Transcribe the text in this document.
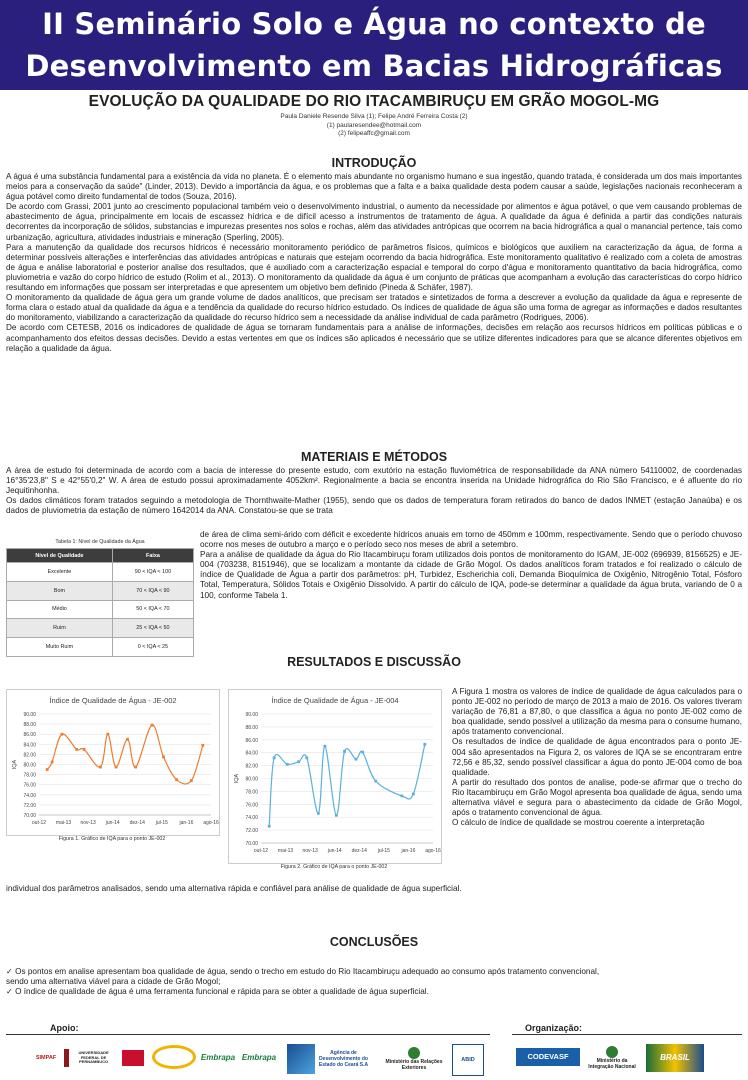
II Seminário Solo e Água no contexto de
Desenvolvimento em Bacias Hidrográficas
EVOLUÇÃO DA QUALIDADE DO RIO ITACAMBIRUÇU EM GRÃO MOGOL-MG
Paula Daniele Resende Silva (1); Felipe André Ferreira Costa (2)
(1) paularesendee@hotmail.com
(2) felipeaffc@gmail.com
INTRODUÇÃO

A água é uma substância fundamental para a existência da vida no planeta. É o elemento mais abundante no organismo humano e sua ingestão, quando tratada, é considerada um dos mais importantes meios para a conservação da saúde" (Linder, 2013). Devido a importância da água, e os problemas que a falta e a baixa qualidade desta podem causar a saúde, legislações nacionais reconheceram a água potável como direito fundamental de todos (Souza, 2016).

De acordo com Grassi, 2001 junto ao crescimento populacional também veio o desenvolvimento industrial, o aumento da necessidade por alimentos e água potável, o que vem causando problemas de abastecimento de água, principalmente em locais de escassez hídrica e de difícil acesso a instrumentos de tratamento de água. A qualidade da água é definida a partir das condições naturais decorrentes da incorporação de sólidos, substancias e impurezas presentes nos solos e rochas, além das atividades antrópicas que ocorrem na bacia hidrográfica a qual o manancial pertence, tais como urbanização, agricultura, atividades industriais e mineração (Sperling, 2005).

Para a manutenção da qualidade dos recursos hídricos é necessário monitoramento periódico de parâmetros físicos, químicos e biológicos que auxiliem na caracterização da água, de forma a determinar possíveis alterações e interferências das atividades antrópicas e naturais que estejam ocorrendo da bacia hidrográfica. Este monitoramento qualitativo é realizado com a coleta de amostras de água e análise laboratorial e posterior analise dos resultados, que é auxiliado com a caracterização espacial e temporal do corpo d'água e monitoramento quantitativo da bacia hidrográfica, como pluviometria e vazão do corpo hídrico de estudo (Rolim et al., 2013). O monitoramento da qualidade da água é um conjunto de práticas que acompanham a evolução das características do corpo hídrico resultando em informações que possam ser interpretadas e que apresentem um objetivo bem definido (Pineda & Schäfer, 1987).

O monitoramento da qualidade de água gera um grande volume de dados analíticos, que precisam ser tratados e sintetizados de forma a descrever a evolução da qualidade da água e represente de forma clara o estado atual da qualidade da água e a tendência da qualidade do recurso hídrico estudado. Os índices de qualidade de água são uma forma de agregar as informações e dados resultantes do monitoramento, viabilizando a caracterização da qualidade do recurso hídrico sem a necessidade da análise individual de cada parâmetro (Rodrigues, 2006).

De acordo com CETESB, 2016 os indicadores de qualidade de água se tornaram fundamentais para a análise de informações, decisões em relação aos recursos hídricos em políticas públicas e o acompanhamento dos efeitos dessas decisões. Devido a estas vertentes em que os índices são aplicados é necessário que se utilize diferentes indicadores para que se alcance diferentes objetivos em relação a qualidade da água.

MATERIAIS E MÉTODOS

A área de estudo foi determinada de acordo com a bacia de interesse do presente estudo, com exutório na estação fluviométrica de responsabilidade da ANA número 54110002, de coordenadas 16°35'23,8" S e 42°55'0,2" W. A área de estudo possui aproximadamente 4052km². Regionalmente a bacia se encontra inserida na Unidade hidrográfica do Rio São Francisco, e é afluente do rio Jequitinhonha.

Os dados climáticos foram tratados seguindo a metodologia de Thornthwaite-Mather (1955), sendo que os dados de temperatura foram retirados do banco de dados INMET (estação Janaúba) e os dados de pluviometria da estação de número 1642014 da ANA. Constatou-se que se trata

Tabela 1: Nível de Qualidade da Água
Nível de Qualidade	Faixa
Excelente	90 < IQA < 100
Bom	70 < IQA < 90
Médio	50 < IQA < 70
Ruim	25 < IQA < 50
Muito Ruim	0 < IQA < 25

de área de clima semi-árido com déficit e excedente hídricos anuais em torno de 450mm e 100mm, respectivamente. Sendo que o período chuvoso ocorre nos meses de outubro a março e o período seco nos meses de abril a setembro.

Para a análise de qualidade da água do Rio Itacambiruçu foram utilizados dois pontos de monitoramento do IGAM, JE-002 (696939, 8156525) e JE-004 (703238, 8151946), que se localizam a montante da cidade de Grão Mogol. Os dados analíticos foram tratados e foi realizado o cálculo de índice de Qualidade de Água a partir dos parâmetros: pH, Turbidez, Escherichia coli, Demanda Bioquímica de Oxigênio, Nitrogênio Total, Fósforo Total, Temperatura, Sólidos Totais e Oxigênio Dissolvido. A partir do cálculo de IQA, pode-se determinar a qualidade da água bruta, variando de 0 a 100, conforme Tabela 1.

RESULTADOS E DISCUSSÃO
Índice de Qualidade de Água - JE-002
70.00
72.00
74.00
76.00
78.00
80.00
82.00
84.00
86.00
88.00
90.00
out-12 mai-13 nov-13 jun-14 dez-14 jul-15 jan-16 ago-16
IQA
Figura 1. Gráfico de IQA para o ponto JE-002
Índice de Qualidade de Água - JE-004
70.00
72.00
74.00
76.00
78.00
80.00
82.00
84.00
86.00
88.00
90.00
out-12 mai-13 nov-13 jun-14 dez-14 jul-15 jan-16 ago-16
IQA
Figura 2. Gráfico de IQA para o ponto JE-002

A Figura 1 mostra os valores de índice de qualidade de água calculados para o ponto JE-002 no período de março de 2013 a maio de 2016. Os valores tiveram variação de 76,81 a 87,80, o que classifica a água no ponto JE-002 como de boa qualidade, sendo possível a utilização da mesma para o consume humano, após tratamento convencional.

Os resultados de índice de qualidade de água encontrados para o ponto JE-004 são apresentados na Figura 2, os valores de IQA se se encontraram entre 72,56 e 85,32, sendo possível classificar a água do ponto JE-004 como de boa qualidade.

A partir do resultado dos pontos de analise, pode-se afirmar que o trecho do Rio Itacambiruçu em Grão Mogol apresenta boa qualidade de água, sendo uma alternativa viável e segura para o abastecimento da cidade de Grão Mogol, após o tratamento convencional de água.

O cálculo de índice de qualidade se mostrou coerente a interpretação

individual dos parâmetros analisados, sendo uma alternativa rápida e confiável para análise de qualidade de água superficial.
CONCLUSÕES

✓ Os pontos em analise apresentam boa qualidade de água, sendo o trecho em estudo do Rio Itacambiruçu adequado ao consumo após tratamento convencional,

sendo uma alternativa viável para a cidade de Grão Mogol;

✓ O índice de qualidade de água é uma ferramenta funcional e rápida para se obter a qualidade de água superficial.

Apoio:	Organização:
SIMPAF
UNIVERSIDADE FEDERAL DE PERNAMBUCO	Embrapa Embrapa	Agência de Desenvolvimento do Estado do Ceará S.A	Ministério das Relações Exteriores
ABID	CODEVASF	Ministério da Integração Nacional
BRASIL
